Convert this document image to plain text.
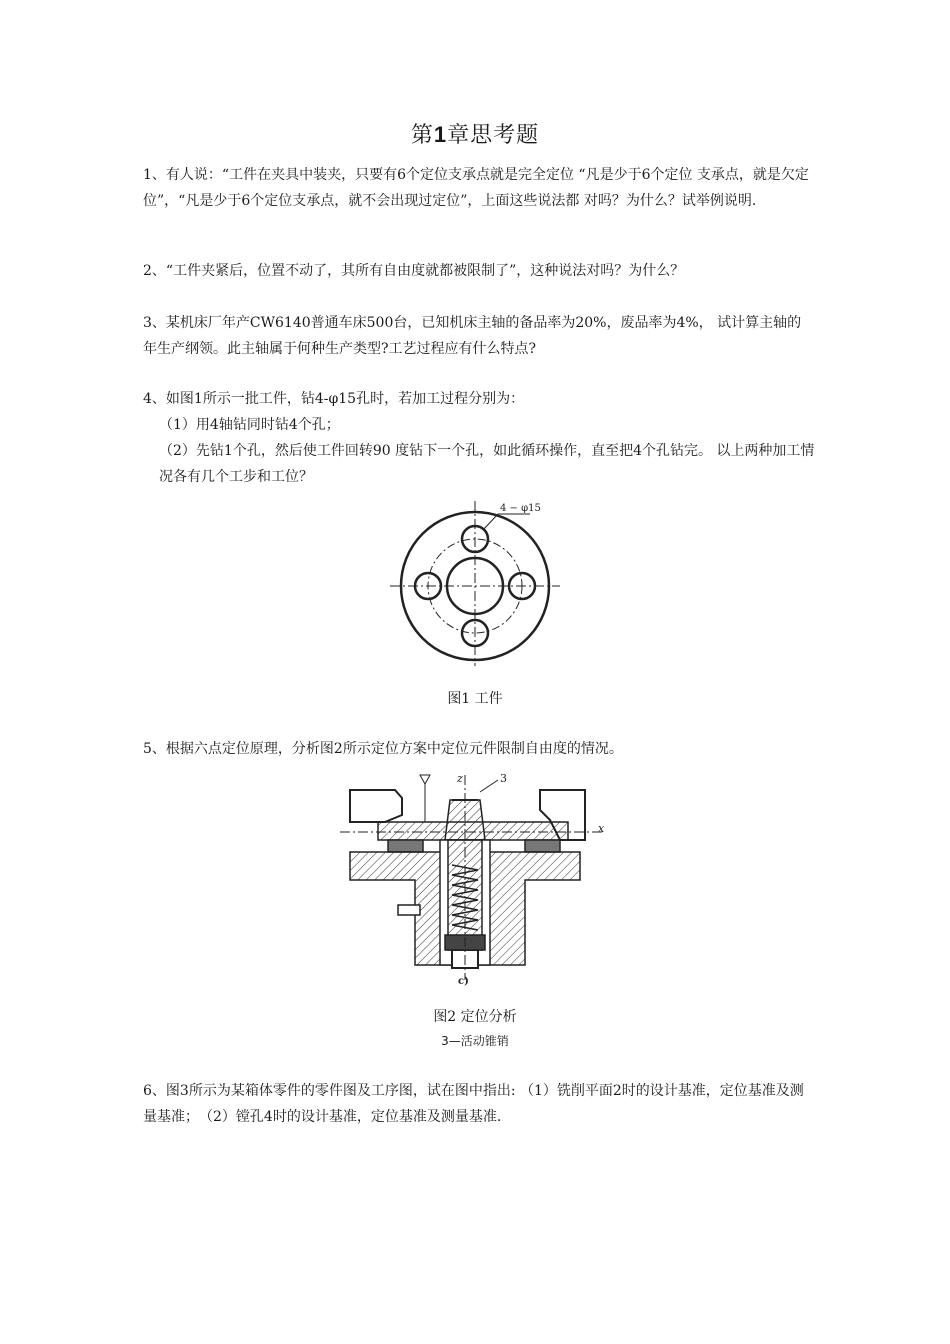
第1章思考题
1、有人说：“工件在夹具中装夹，只要有6个定位支承点就是完全定位 “凡是少于6个定位 支承点，就是欠定位”，“凡是少于6个定位支承点，就不会出现过定位”，上面这些说法都 对吗？为什么？试举例说明.
2、“工件夹紧后，位置不动了，其所有自由度就都被限制了”，这种说法对吗？为什么？
3、某机床厂年产CW6140普通车床500台，已知机床主轴的备品率为20%，废品率为4%， 试计算主轴的年生产纲领。此主轴属于何种生产类型?工艺过程应有什么特点?
4、如图1所示一批工件，钻4-φ15孔时，若加工过程分别为：
（1）用4轴钻同时钻4个孔；
（2）先钻1个孔，然后使工件回转90 度钻下一个孔，如此循环操作，直至把4个孔钻完。 以上两种加工情况各有几个工步和工位？
4 − φ15
图1 工件
5、根据六点定位原理，分析图2所示定位方案中定位元件限制自由度的情况。
z
x
3
c)
图2 定位分析
3—活动锥销
6、图3所示为某箱体零件的零件图及工序图，试在图中指出: （1）铣削平面2时的设计基准，定位基准及测量基准；　（2）镗孔4时的设计基准，定位基准及测量基准.
